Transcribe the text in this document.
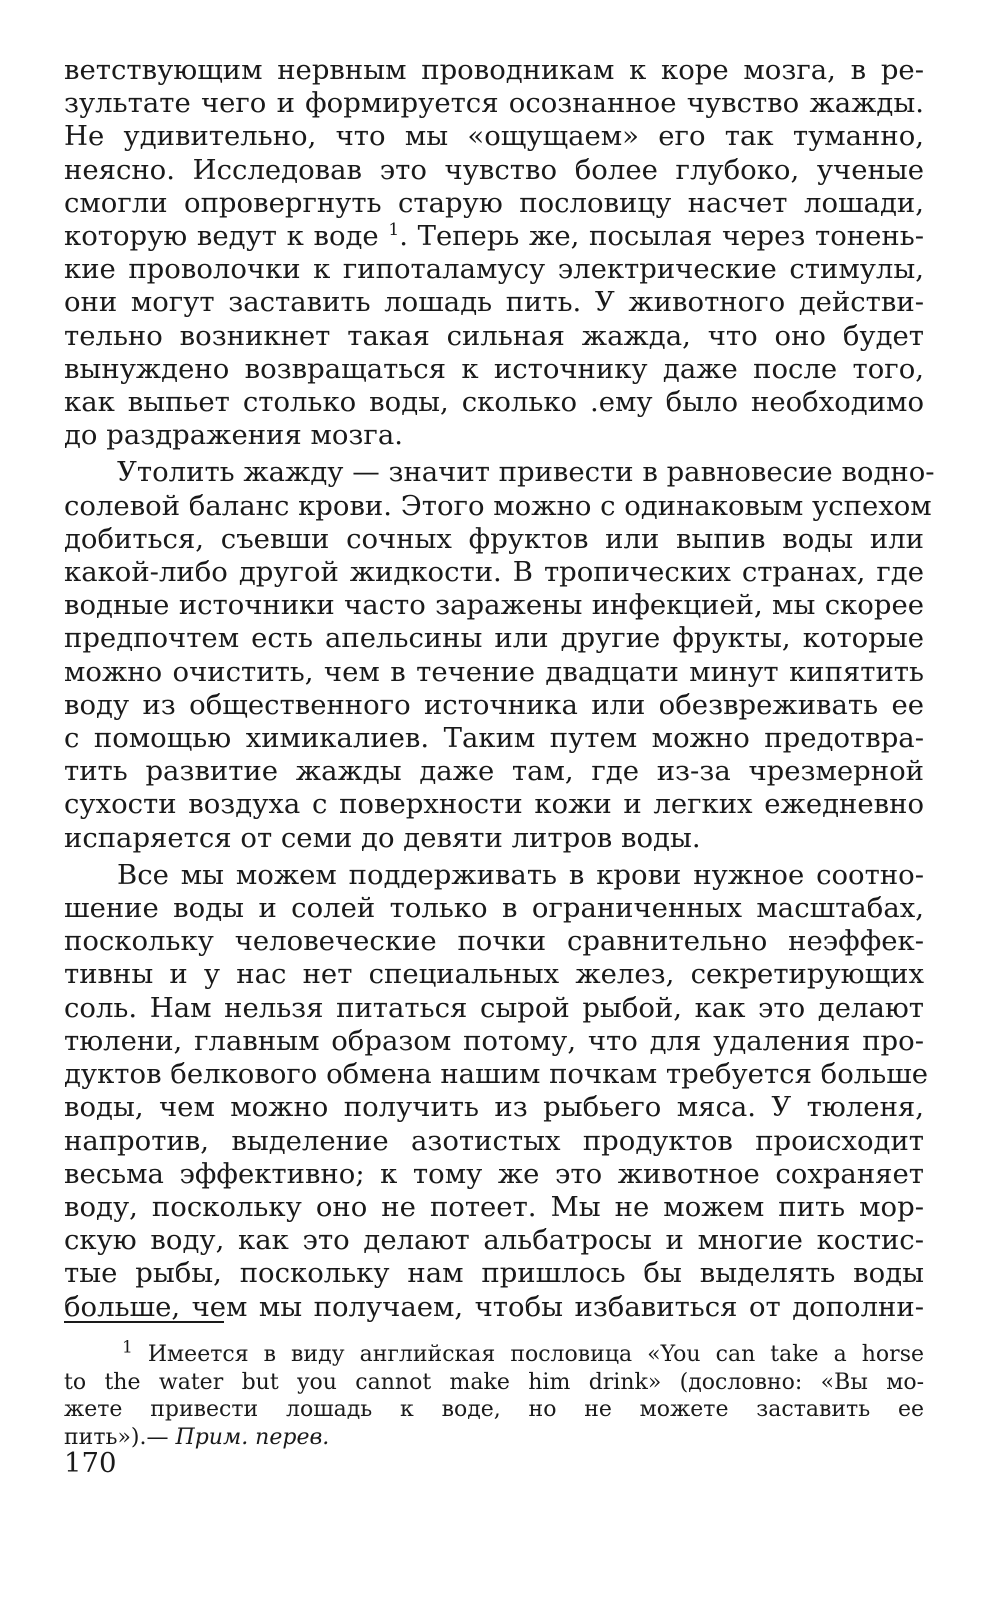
ветствующим нервным проводникам к коре мозга, в ре-
зультате чего и формируется осознанное чувство жажды.
Не удивительно, что мы «ощущаем» его так туманно,
неясно. Исследовав это чувство более глубоко, ученые
смогли опровергнуть старую пословицу насчет лошади,
которую ведут к воде $^1$. Теперь же, посылая через тонень-
кие проволочки к гипоталамусу электрические стимулы,
они могут заставить лошадь пить. У животного действи-
тельно возникнет такая сильная жажда, что оно будет
вынуждено возвращаться к источнику даже после того,
как выпьет столько воды, сколько .ему было необходимо
до раздражения мозга.

Утолить жажду — значит привести в равновесие водно-
солевой баланс крови. Этого можно с одинаковым успехом
добиться, съевши сочных фруктов или выпив воды или
какой-либо другой жидкости. В тропических странах, где
водные источники часто заражены инфекцией, мы скорее
предпочтем есть апельсины или другие фрукты, которые
можно очистить, чем в течение двадцати минут кипятить
воду из общественного источника или обезвреживать ее
с помощью химикалиев. Таким путем можно предотвра-
тить развитие жажды даже там, где из-за чрезмерной
сухости воздуха с поверхности кожи и легких ежедневно
испаряется от семи до девяти литров воды.

Все мы можем поддерживать в крови нужное соотно-
шение воды и солей только в ограниченных масштабах,
поскольку человеческие почки сравнительно неэффек-
тивны и у нас нет специальных желез, секретирующих
соль. Нам нельзя питаться сырой рыбой, как это делают
тюлени, главным образом потому, что для удаления про-
дуктов белкового обмена нашим почкам требуется больше
воды, чем можно получить из рыбьего мяса. У тюленя,
напротив, выделение азотистых продуктов происходит
весьма эффективно; к тому же это животное сохраняет
воду, поскольку оно не потеет. Мы не можем пить мор-
скую воду, как это делают альбатросы и многие костис-
тые рыбы, поскольку нам пришлось бы выделять воды
больше, чем мы получаем, чтобы избавиться от дополни-

$^1$ Имеется в виду английская пословица «You can take a horse
to the water but you cannot make him drink» (дословно: «Вы мо-
жете привести лошадь к воде, но не можете заставить ее
пить»).— Прим. перев.
170
